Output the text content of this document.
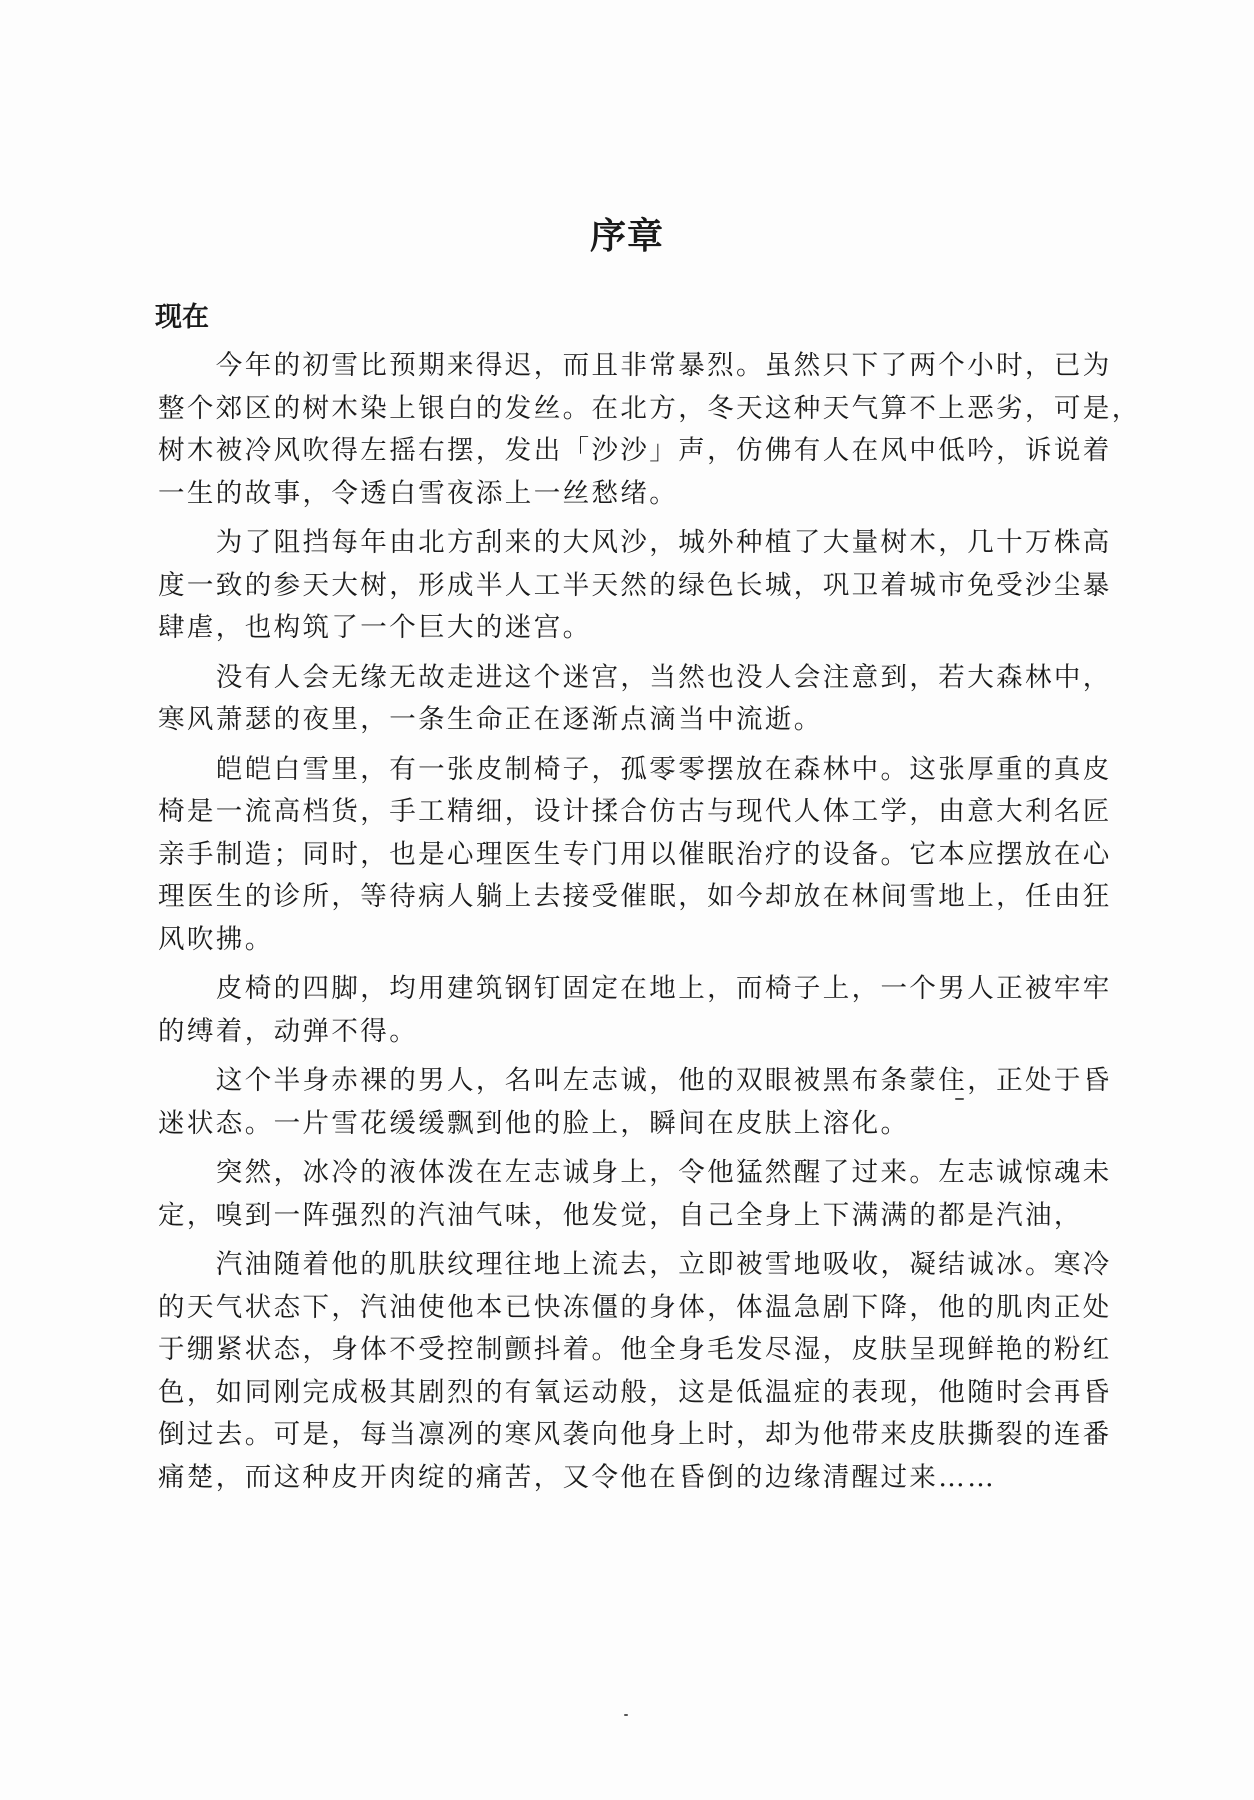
序章
现在
　　今年的初雪比预期来得迟，而且非常暴烈。虽然只下了两个小时，已为
整个郊区的树木染上银白的发丝。在北方，冬天这种天气算不上恶劣，可是，
树木被冷风吹得左摇右摆，发出「沙沙」声，仿佛有人在风中低吟，诉说着
一生的故事，令透白雪夜添上一丝愁绪。
　　为了阻挡每年由北方刮来的大风沙，城外种植了大量树木，几十万株高
度一致的参天大树，形成半人工半天然的绿色长城，巩卫着城市免受沙尘暴
肆虐，也构筑了一个巨大的迷宫。
　　没有人会无缘无故走进这个迷宫，当然也没人会注意到，若大森林中，
寒风萧瑟的夜里，一条生命正在逐渐点滴当中流逝。
　　皑皑白雪里，有一张皮制椅子，孤零零摆放在森林中。这张厚重的真皮
椅是一流高档货，手工精细，设计揉合仿古与现代人体工学，由意大利名匠
亲手制造；同时，也是心理医生专门用以催眠治疗的设备。它本应摆放在心
理医生的诊所，等待病人躺上去接受催眠，如今却放在林间雪地上，任由狂
风吹拂。
　　皮椅的四脚，均用建筑钢钉固定在地上，而椅子上，一个男人正被牢牢
的缚着，动弹不得。
　　这个半身赤裸的男人，名叫左志诚，他的双眼被黑布条蒙住，正处于昏
迷状态。一片雪花缓缓飘到他的脸上，瞬间在皮肤上溶化。
　　突然，冰冷的液体泼在左志诚身上，令他猛然醒了过来。左志诚惊魂未
定，嗅到一阵强烈的汽油气味，他发觉，自己全身上下满满的都是汽油，
　　汽油随着他的肌肤纹理往地上流去，立即被雪地吸收，凝结诚冰。寒冷
的天气状态下，汽油使他本已快冻僵的身体，体温急剧下降，他的肌肉正处
于绷紧状态，身体不受控制颤抖着。他全身毛发尽湿，皮肤呈现鲜艳的粉红
色，如同刚完成极其剧烈的有氧运动般，这是低温症的表现，他随时会再昏
倒过去。可是，每当凛冽的寒风袭向他身上时，却为他带来皮肤撕裂的连番
痛楚，而这种皮开肉绽的痛苦，又令他在昏倒的边缘清醒过来……
